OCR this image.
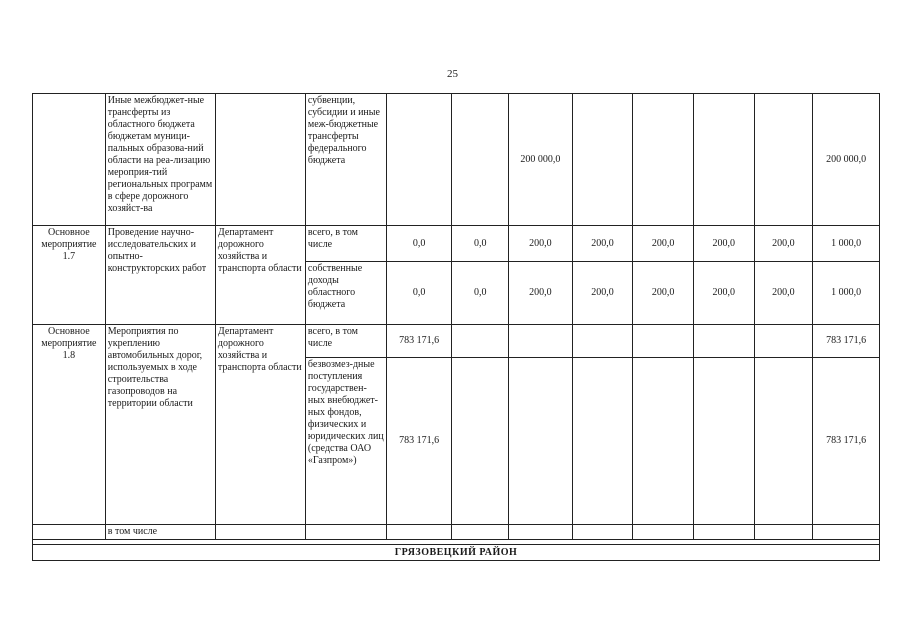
25
	Иные межбюджет-ные трансферты из областного бюджета бюджетам муници-пальных образова-ний области на реа-лизацию мероприя-тий региональных программ в сфере дорожного хозяйст-ва		субвенции, субсидии и иные меж-бюджетные трансферты федерального бюджета			200 000,0					200 000,0
Основное мероприятие 1.7	Проведение научно-исследовательских и опытно-конструкторских работ	Департамент дорожного хозяйства и транспорта области	всего, в том числе	0,0	0,0	200,0	200,0	200,0	200,0	200,0	1 000,0
			собственные доходы областного бюджета	0,0	0,0	200,0	200,0	200,0	200,0	200,0	1 000,0
Основное мероприятие 1.8	Мероприятия по укреплению автомобильных дорог, используемых в ходе строительства газопроводов на территории области	Департамент дорожного хозяйства и транспорта области	всего, в том числе	783 171,6							783 171,6
			безвозмез-дные поступления государствен-ных внебюджет-ных фондов, физических и юридических лиц (средства ОАО «Газпром»)	783 171,6							783 171,6
	в том числе										

ГРЯЗОВЕЦКИЙ РАЙОН											
